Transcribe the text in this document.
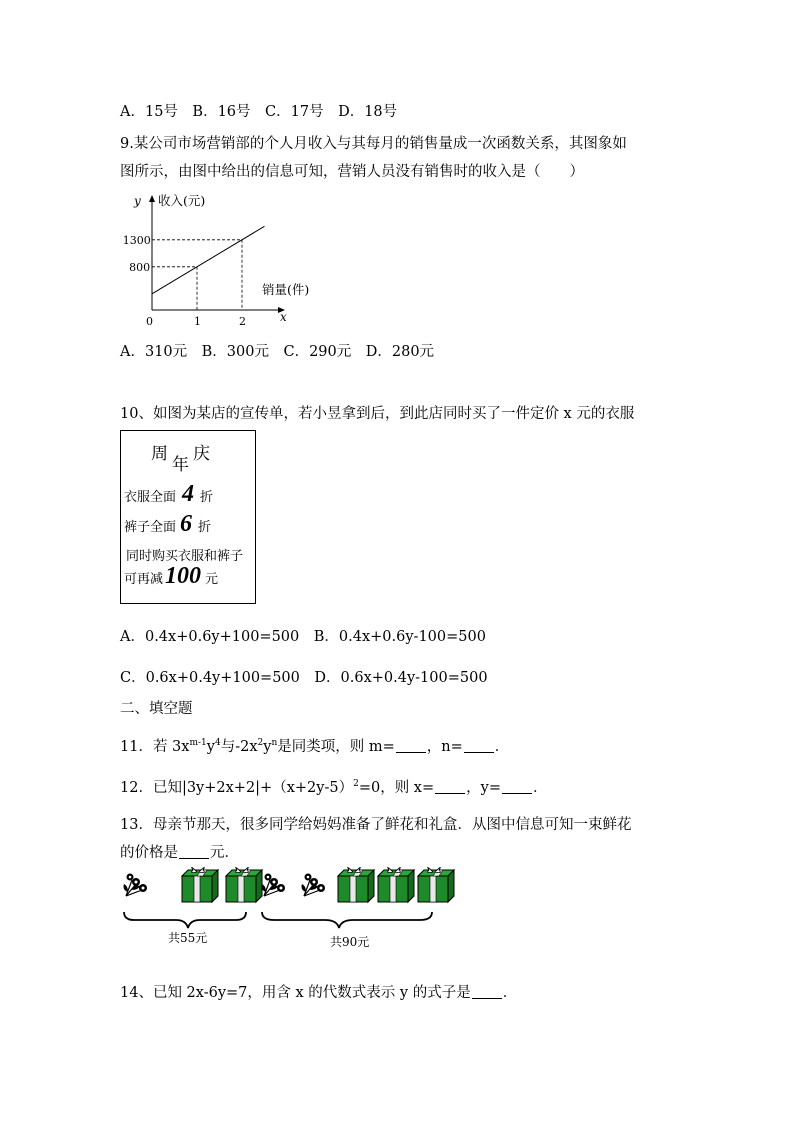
A．15号　B．16号　C．17号　D．18号
9.某公司市场营销部的个人月收入与其每月的销售量成一次函数关系，其图象如
图所示，由图中给出的信息可知，营销人员没有销售时的收入是（　　）
y 收入(元)
销量(件)
x
0	1
800
2
1300
A．310元　B．300元　C．290元　D．280元
10、如图为某店的宣传单，若小昱拿到后，到此店同时买了一件定价 x 元的衣服
周
年
庆
衣服全面 4 折
裤子全面 6 折
同时购买衣服和裤子
可再减100 元
A．0.4x+0.6y+100=500　B．0.4x+0.6y-100=500
C．0.6x+0.4y+100=500　D．0.6x+0.4y-100=500
二、填空题
11．若 $3x^{m-1}y^4$与$-2x^2y^n$是同类项，则 m= ，n= ．
12．已知$|3y+2x+2|+(x+2y-5)^2=0$，则 x= ，y= ．
13．母亲节那天，很多同学给妈妈准备了鲜花和礼盒．从图中信息可知一束鲜花
的价格是 元．
共55元	共90元
14、已知 2x-6y=7，用含 x 的代数式表示 y 的式子是 ．
